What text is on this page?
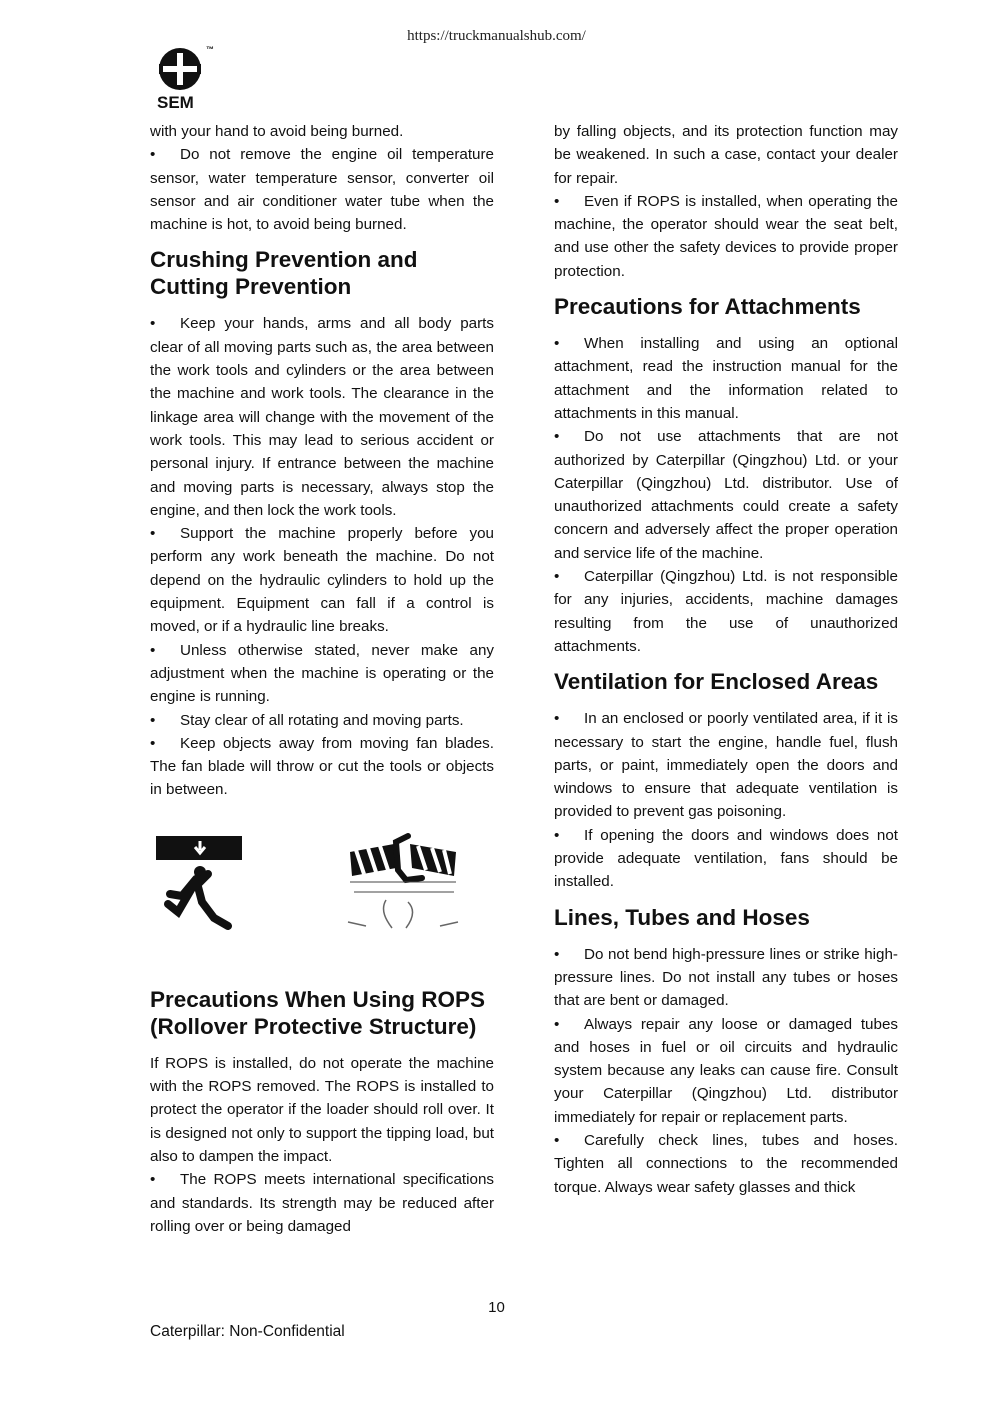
https://truckmanualshub.com/
™
SEM

with your hand to avoid being burned.

• Do not remove the engine oil temperature sensor, water temperature sensor, converter oil sensor and air conditioner water tube when the machine is hot, to avoid being burned.

Crushing Prevention and Cutting Prevention

• Keep your hands, arms and all body parts clear of all moving parts such as, the area between the work tools and cylinders or the area between the machine and work tools. The clearance in the linkage area will change with the movement of the work tools. This may lead to serious accident or personal injury. If entrance between the machine and moving parts is necessary, always stop the engine, and then lock the work tools.

• Support the machine properly before you perform any work beneath the machine. Do not depend on the hydraulic cylinders to hold up the equipment. Equipment can fall if a control is moved, or if a hydraulic line breaks.

• Unless otherwise stated, never make any adjustment when the machine is operating or the engine is running.

• Stay clear of all rotating and moving parts.

• Keep objects away from moving fan blades. The fan blade will throw or cut the tools or objects in between.

Precautions When Using ROPS (Rollover Protective Structure)

If ROPS is installed, do not operate the machine with the ROPS removed. The ROPS is installed to protect the operator if the loader should roll over. It is designed not only to support the tipping load, but also to dampen the impact.

• The ROPS meets international specifications and standards. Its strength may be reduced after rolling over or being damaged

by falling objects, and its protection function may be weakened. In such a case, contact your dealer for repair.

• Even if ROPS is installed, when operating the machine, the operator should wear the seat belt, and use other the safety devices to provide proper protection.

Precautions for Attachments

• When installing and using an optional attachment, read the instruction manual for the attachment and the information related to attachments in this manual.

• Do not use attachments that are not authorized by Caterpillar (Qingzhou) Ltd. or your Caterpillar (Qingzhou) Ltd. distributor. Use of unauthorized attachments could create a safety concern and adversely affect the proper operation and service life of the machine.

• Caterpillar (Qingzhou) Ltd. is not responsible for any injuries, accidents, machine damages resulting from the use of unauthorized attachments.

Ventilation for Enclosed Areas

• In an enclosed or poorly ventilated area, if it is necessary to start the engine, handle fuel, flush parts, or paint, immediately open the doors and windows to ensure that adequate ventilation is provided to prevent gas poisoning.

• If opening the doors and windows does not provide adequate ventilation, fans should be installed.

Lines, Tubes and Hoses

• Do not bend high-pressure lines or strike high-pressure lines. Do not install any tubes or hoses that are bent or damaged.

• Always repair any loose or damaged tubes and hoses in fuel or oil circuits and hydraulic system because any leaks can cause fire. Consult your Caterpillar (Qingzhou) Ltd. distributor immediately for repair or replacement parts.

• Carefully check lines, tubes and hoses. Tighten all connections to the recommended torque. Always wear safety glasses and thick

10
Caterpillar: Non-Confidential
